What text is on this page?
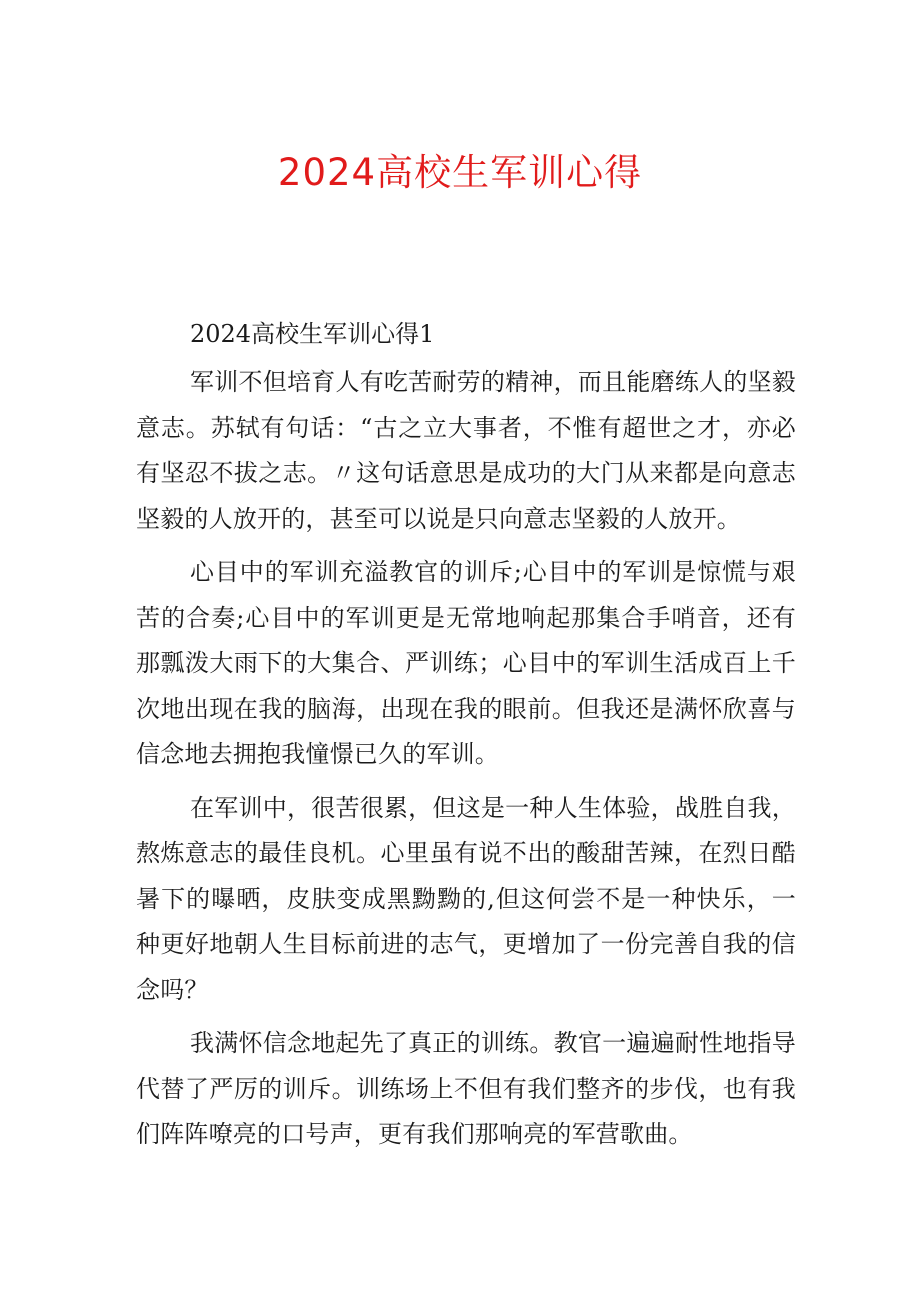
2024高校生军训心得

2024高校生军训心得1

军训不但培育人有吃苦耐劳的精神，而且能磨练人的坚毅意志。苏轼有句话：“古之立大事者，不惟有超世之才，亦必有坚忍不拔之志。〃这句话意思是成功的大门从来都是向意志坚毅的人放开的，甚至可以说是只向意志坚毅的人放开。

心目中的军训充溢教官的训斥;心目中的军训是惊慌与艰苦的合奏;心目中的军训更是无常地响起那集合手哨音，还有那瓢泼大雨下的大集合、严训练；心目中的军训生活成百上千次地出现在我的脑海，出现在我的眼前。但我还是满怀欣喜与信念地去拥抱我憧憬已久的军训。

在军训中，很苦很累，但这是一种人生体验，战胜自我，熬炼意志的最佳良机。心里虽有说不出的酸甜苦辣，在烈日酷暑下的曝晒，皮肤变成黑黝黝的,但这何尝不是一种快乐，一种更好地朝人生目标前进的志气，更增加了一份完善自我的信念吗？

我满怀信念地起先了真正的训练。教官一遍遍耐性地指导代替了严厉的训斥。训练场上不但有我们整齐的步伐，也有我们阵阵嘹亮的口号声，更有我们那响亮的军营歌曲。
